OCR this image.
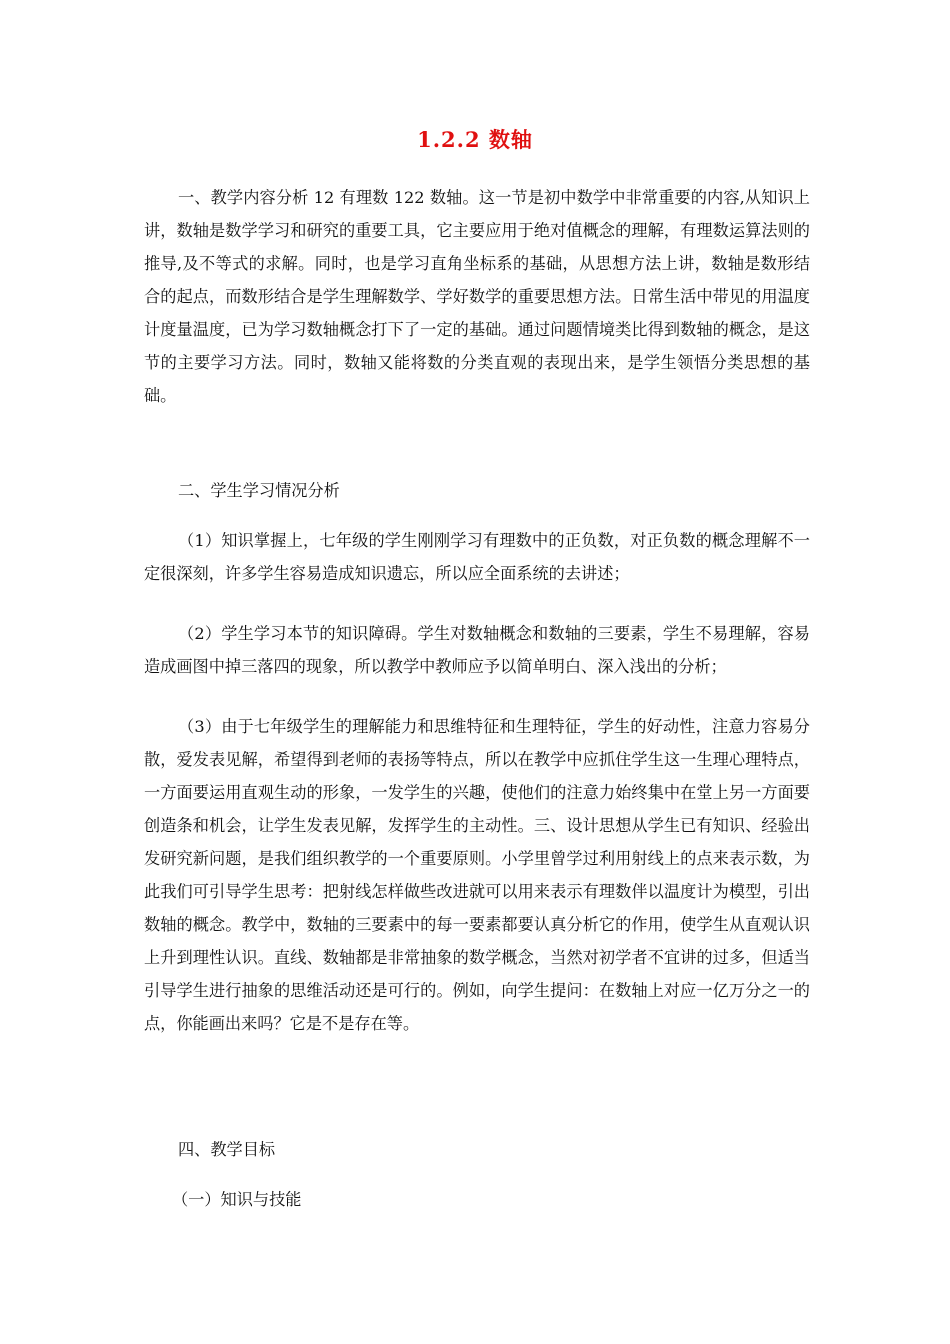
1.2.2 数轴

一、教学内容分析 12 有理数 122 数轴。这一节是初中数学中非常重要的内容,从知识上讲，数轴是数学学习和研究的重要工具，它主要应用于绝对值概念的理解，有理数运算法则的推导,及不等式的求解。同时，也是学习直角坐标系的基础，从思想方法上讲，数轴是数形结合的起点，而数形结合是学生理解数学、学好数学的重要思想方法。日常生活中带见的用温度计度量温度，已为学习数轴概念打下了一定的基础。通过问题情境类比得到数轴的概念，是这节的主要学习方法。同时，数轴又能将数的分类直观的表现出来，是学生领悟分类思想的基础。

二、学生学习情况分析

（1）知识掌握上，七年级的学生刚刚学习有理数中的正负数，对正负数的概念理解不一定很深刻，许多学生容易造成知识遗忘，所以应全面系统的去讲述；

（2）学生学习本节的知识障碍。学生对数轴概念和数轴的三要素，学生不易理解，容易造成画图中掉三落四的现象，所以教学中教师应予以简单明白、深入浅出的分析；

（3）由于七年级学生的理解能力和思维特征和生理特征，学生的好动性，注意力容易分散，爱发表见解，希望得到老师的表扬等特点，所以在教学中应抓住学生这一生理心理特点，一方面要运用直观生动的形象，一发学生的兴趣，使他们的注意力始终集中在堂上另一方面要创造条和机会，让学生发表见解，发挥学生的主动性。三、设计思想从学生已有知识、经验出发研究新问题，是我们组织教学的一个重要原则。小学里曾学过利用射线上的点来表示数，为此我们可引导学生思考：把射线怎样做些改进就可以用来表示有理数伴以温度计为模型，引出数轴的概念。教学中，数轴的三要素中的每一要素都要认真分析它的作用，使学生从直观认识上升到理性认识。直线、数轴都是非常抽象的数学概念，当然对初学者不宜讲的过多，但适当引导学生进行抽象的思维活动还是可行的。例如，向学生提问：在数轴上对应一亿万分之一的点，你能画出来吗？它是不是存在等。

四、教学目标

（一）知识与技能
